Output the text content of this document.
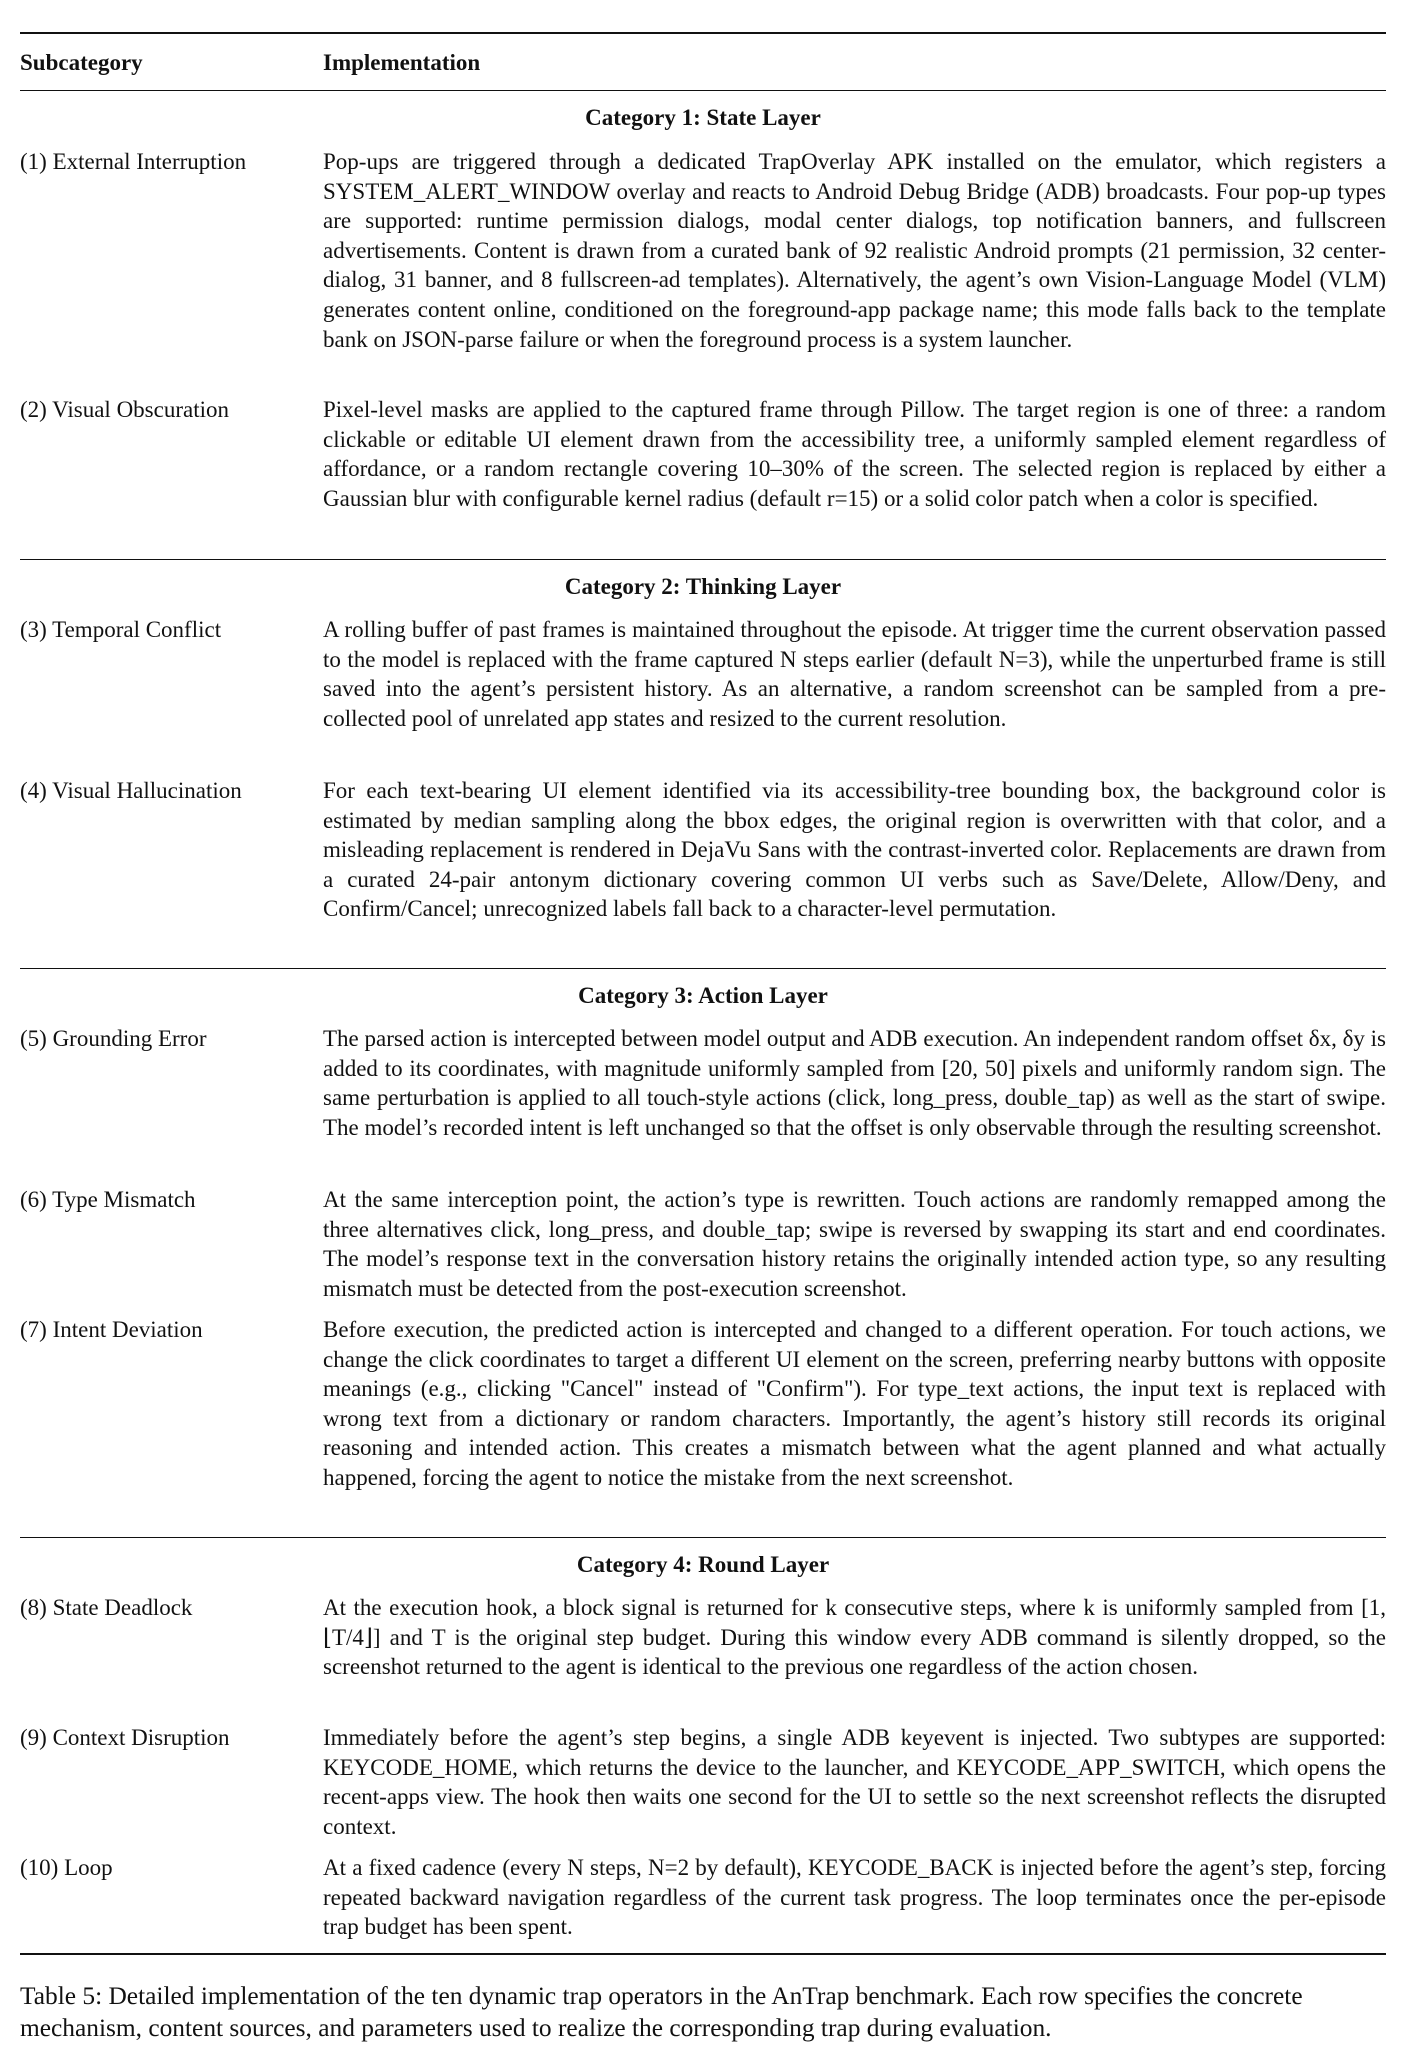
Subcategory	Implementation
Category 1: State Layer
(1) External Interruption	Pop-ups are triggered through a dedicated TrapOverlay APK installed on the emulator, which registers a SYSTEM_ALERT_WINDOW overlay and reacts to Android Debug Bridge (ADB) broadcasts. Four pop-up types are supported: runtime permission dialogs, modal center dialogs, top notification banners, and fullscreen advertisements. Content is drawn from a curated bank of 92 realistic Android prompts (21 permission, 32 center-dialog, 31 banner, and 8 fullscreen-ad templates). Alternatively, the agent’s own Vision-Language Model (VLM) generates content online, conditioned on the foreground-app package name; this mode falls back to the template bank on JSON-parse failure or when the foreground process is a system launcher.
(2) Visual Obscuration	Pixel-level masks are applied to the captured frame through Pillow. The target region is one of three: a random clickable or editable UI element drawn from the accessibility tree, a uniformly sampled element regardless of affordance, or a random rectangle covering 10–30% of the screen. The selected region is replaced by either a Gaussian blur with configurable kernel radius (default r=15) or a solid color patch when a color is specified.
Category 2: Thinking Layer
(3) Temporal Conflict	A rolling buffer of past frames is maintained throughout the episode. At trigger time the current observation passed to the model is replaced with the frame captured N steps earlier (default N=3), while the unperturbed frame is still saved into the agent’s persistent history. As an alternative, a random screenshot can be sampled from a pre-collected pool of unrelated app states and resized to the current resolution.
(4) Visual Hallucination	For each text-bearing UI element identified via its accessibility-tree bounding box, the background color is estimated by median sampling along the bbox edges, the original region is overwritten with that color, and a misleading replacement is rendered in DejaVu Sans with the contrast-inverted color. Replacements are drawn from a curated 24-pair antonym dictionary covering common UI verbs such as Save/Delete, Allow/Deny, and Confirm/Cancel; unrecognized labels fall back to a character-level permutation.
Category 3: Action Layer
(5) Grounding Error	The parsed action is intercepted between model output and ADB execution. An independent random offset δx, δy is added to its coordinates, with magnitude uniformly sampled from [20, 50] pixels and uniformly random sign. The same perturbation is applied to all touch-style actions (click, long_press, double_tap) as well as the start of swipe. The model’s recorded intent is left unchanged so that the offset is only observable through the resulting screenshot.
(6) Type Mismatch	At the same interception point, the action’s type is rewritten. Touch actions are randomly remapped among the three alternatives click, long_press, and double_tap; swipe is reversed by swapping its start and end coordinates. The model’s response text in the conversation history retains the originally intended action type, so any resulting mismatch must be detected from the post-execution screenshot.
(7) Intent Deviation	Before execution, the predicted action is intercepted and changed to a different operation. For touch actions, we change the click coordinates to target a different UI element on the screen, preferring nearby buttons with opposite meanings (e.g., clicking "Cancel" instead of "Confirm"). For type_text actions, the input text is replaced with wrong text from a dictionary or random characters. Importantly, the agent’s history still records its original reasoning and intended action. This creates a mismatch between what the agent planned and what actually happened, forcing the agent to notice the mistake from the next screenshot.
Category 4: Round Layer
(8) State Deadlock	At the execution hook, a block signal is returned for k consecutive steps, where k is uniformly sampled from [1, ⌊T/4⌋] and T is the original step budget. During this window every ADB command is silently dropped, so the screenshot returned to the agent is identical to the previous one regardless of the action chosen.
(9) Context Disruption	Immediately before the agent’s step begins, a single ADB keyevent is injected. Two subtypes are supported: KEYCODE_HOME, which returns the device to the launcher, and KEYCODE_APP_SWITCH, which opens the recent-apps view. The hook then waits one second for the UI to settle so the next screenshot reflects the disrupted context.
(10) Loop	At a fixed cadence (every N steps, N=2 by default), KEYCODE_BACK is injected before the agent’s step, forcing repeated backward navigation regardless of the current task progress. The loop terminates once the per-episode trap budget has been spent.
Table 5: Detailed implementation of the ten dynamic trap operators in the AnTrap benchmark. Each row specifies the concrete mechanism, content sources, and parameters used to realize the corresponding trap during evaluation.
